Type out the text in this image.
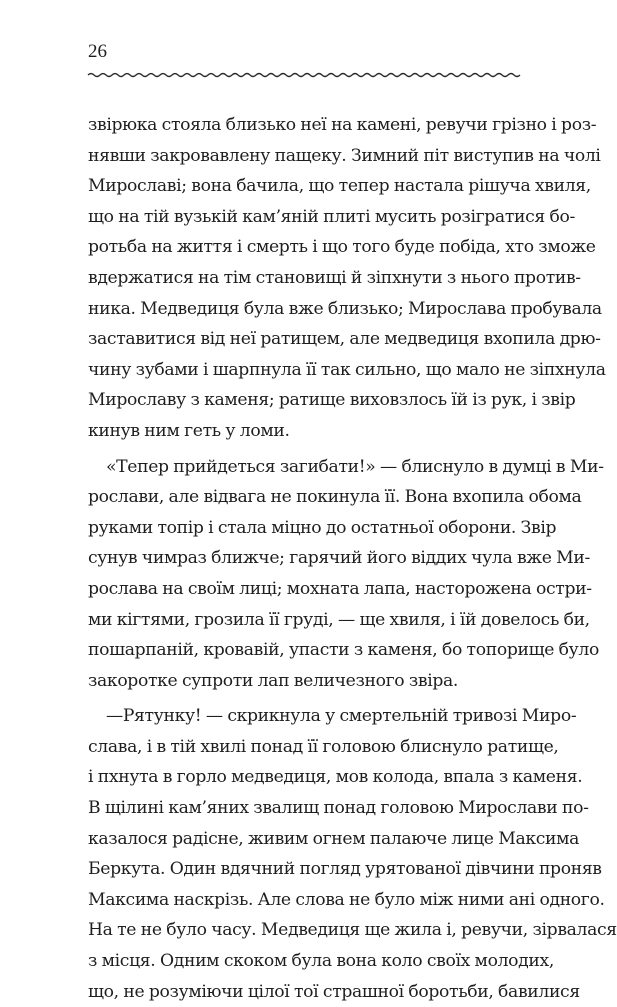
26
звірюка стояла близько неї на камені, ревучи грізно і роз-
нявши закровавлену пащеку. Зимний піт виступив на чолі
Мирославі; вона бачила, що тепер настала рішуча хвиля,
що на тій вузькій кам’яній плиті мусить розігратися бо-
ротьба на життя і смерть і що того буде побіда, хто зможе
вдержатися на тім становищі й зіпхнути з нього против-
ника. Медведиця була вже близько; Мирослава пробувала
заставитися від неї ратищем, але медведиця вхопила дрю-
чину зубами і шарпнула її так сильно, що мало не зіпхнула
Мирославу з каменя; ратище виховзлось їй із рук, і звір
кинув ним геть у ломи.
«Тепер прийдеться загибати!» — блиснуло в думці в Ми-
рослави, але відвага не покинула її. Вона вхопила обома
руками топір і стала міцно до остатньої оборони. Звір
сунув чимраз ближче; гарячий його віддих чула вже Ми-
рослава на своїм лиці; мохната лапа, насторожена остри-
ми кігтями, грозила її груді, — ще хвиля, і їй довелось би,
пошарпаній, кровавій, упасти з каменя, бо топорище було
закоротке супроти лап величезного звіра.
—Рятунку! — скрикнула у смертельній тривозі Миро-
слава, і в тій хвилі понад її головою блиснуло ратище,
і пхнута в горло медведиця, мов колода, впала з каменя.
В щілині кам’яних звалищ понад головою Мирослави по-
казалося радісне, живим огнем палаюче лице Максима
Беркута. Один вдячний погляд урятованої дівчини проняв
Максима наскрізь. Але слова не було між ними ані одного.
На те не було часу. Медведиця ще жила і, ревучи, зірвалася
з місця. Одним скоком була вона коло своїх молодих,
що, не розуміючи цілої тої страшної боротьби, бавилися
